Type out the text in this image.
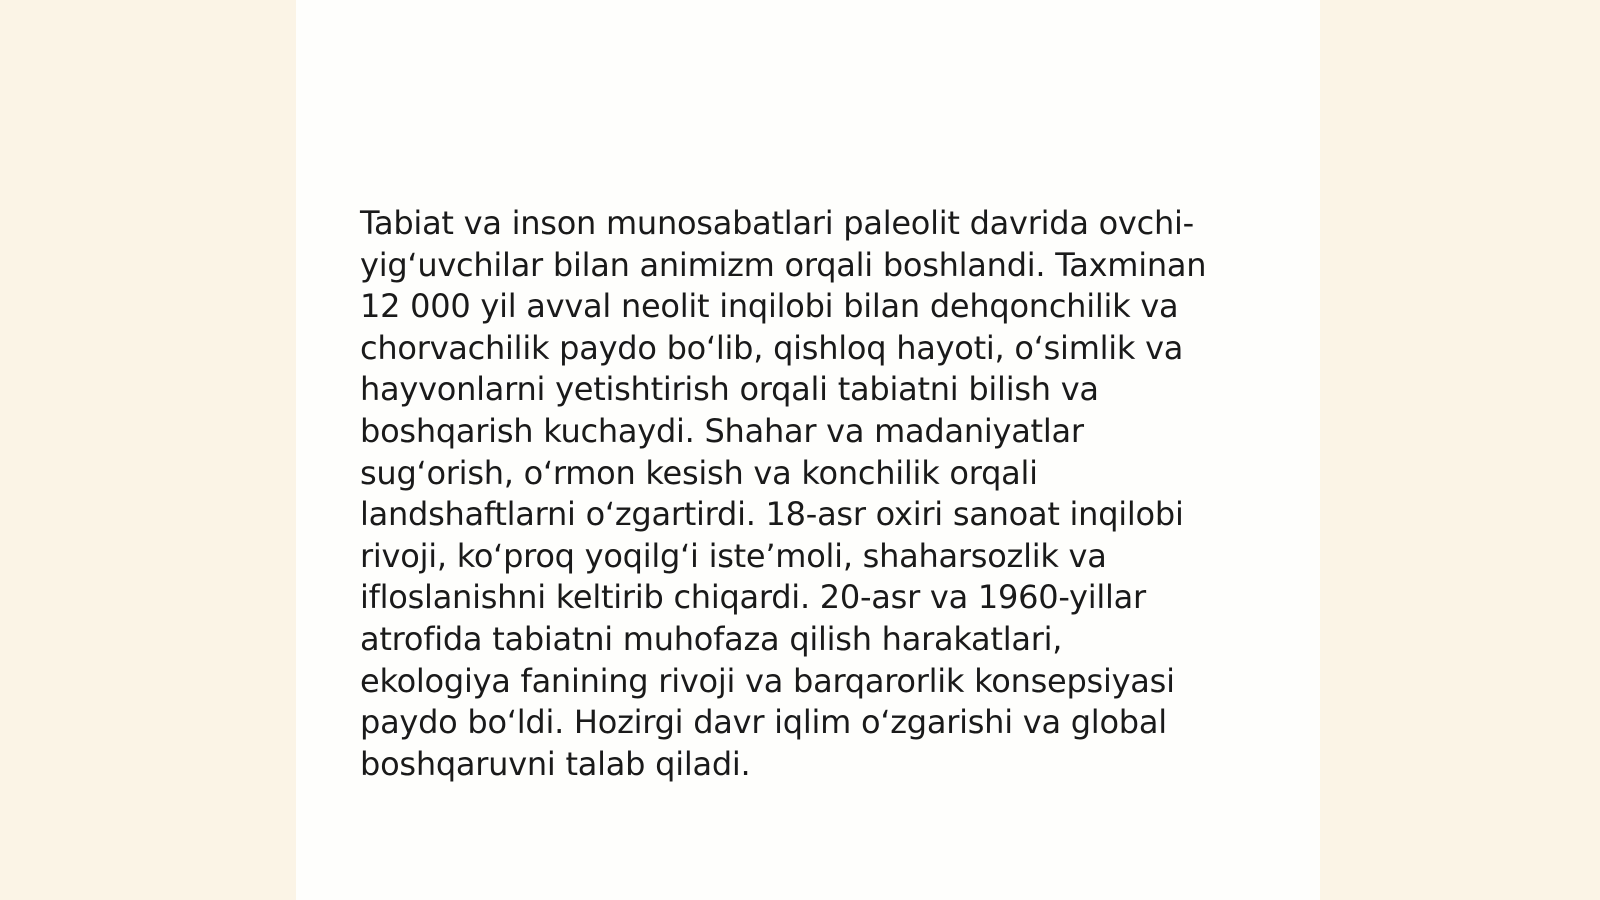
Tabiat va inson munosabatlari paleolit davrida ovchi-
yig‘uvchilar bilan animizm orqali boshlandi. Taxminan
12 000 yil avval neolit inqilobi bilan dehqonchilik va
chorvachilik paydo bo‘lib, qishloq hayoti, o‘simlik va
hayvonlarni yetishtirish orqali tabiatni bilish va
boshqarish kuchaydi. Shahar va madaniyatlar
sug‘orish, o‘rmon kesish va konchilik orqali
landshaftlarni o‘zgartirdi. 18-asr oxiri sanoat inqilobi
rivoji, ko‘proq yoqilg‘i iste’moli, shaharsozlik va
ifloslanishni keltirib chiqardi. 20-asr va 1960-yillar
atrofida tabiatni muhofaza qilish harakatlari,
ekologiya fanining rivoji va barqarorlik konsepsiyasi
paydo bo‘ldi. Hozirgi davr iqlim o‘zgarishi va global
boshqaruvni talab qiladi.
